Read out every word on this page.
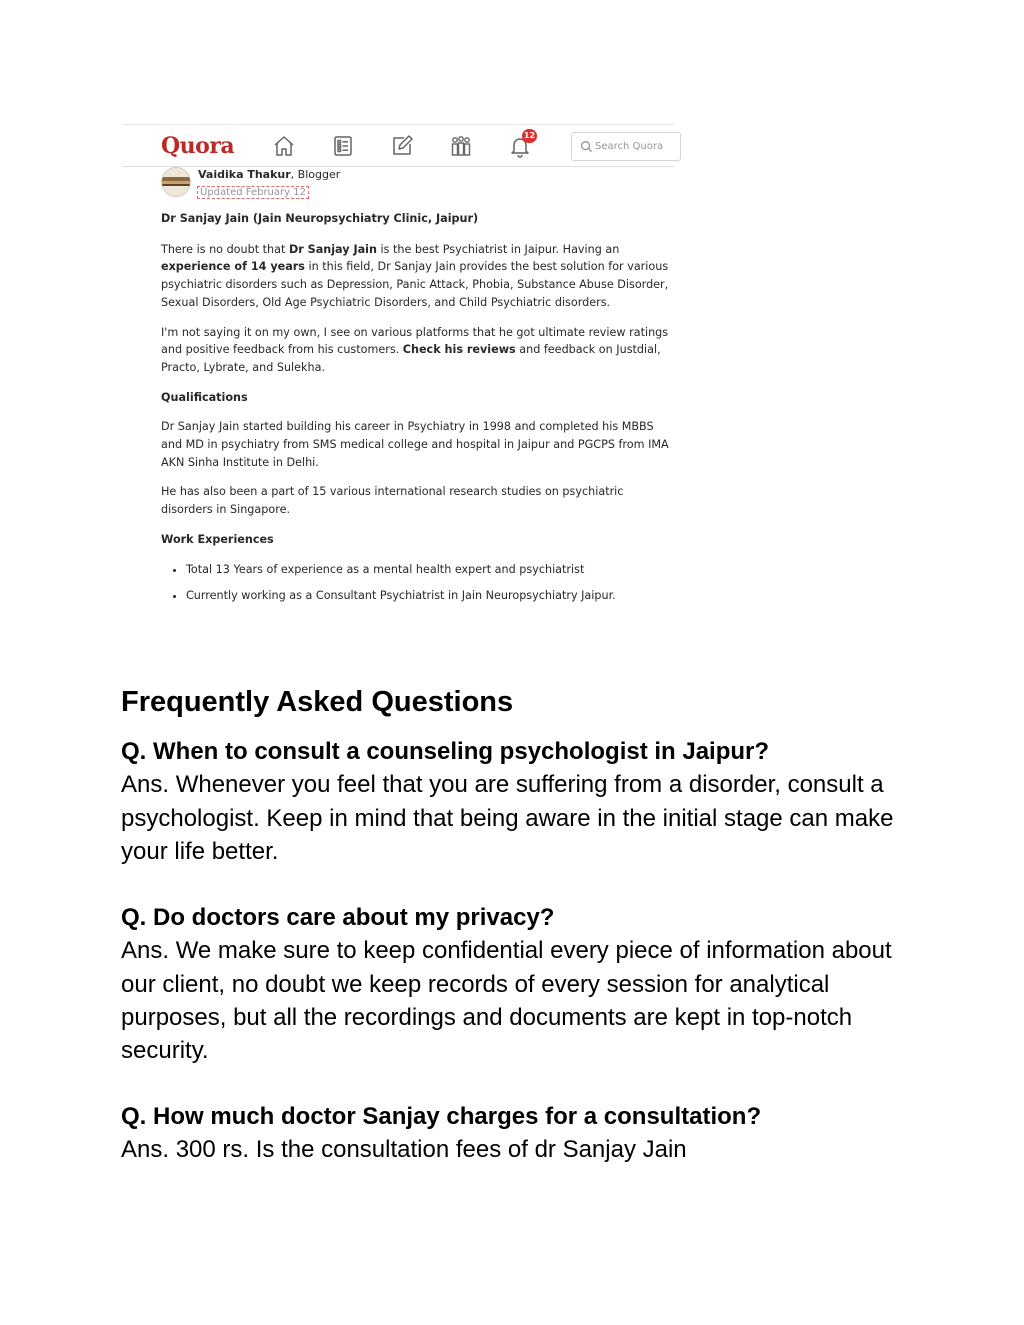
Quora	12
Search Quora
Vaidika Thakur, Blogger
Updated February 12

Dr Sanjay Jain (Jain Neuropsychiatry Clinic, Jaipur)

There is no doubt that Dr Sanjay Jain is the best Psychiatrist in Jaipur. Having an experience of 14 years in this field, Dr Sanjay Jain provides the best solution for various psychiatric disorders such as Depression, Panic Attack, Phobia, Substance Abuse Disorder, Sexual Disorders, Old Age Psychiatric Disorders, and Child Psychiatric disorders.

I'm not saying it on my own, I see on various platforms that he got ultimate review ratings and positive feedback from his customers. Check his reviews and feedback on Justdial, Practo, Lybrate, and Sulekha.

Qualifications

Dr Sanjay Jain started building his career in Psychiatry in 1998 and completed his MBBS and MD in psychiatry from SMS medical college and hospital in Jaipur and PGCPS from IMA AKN Sinha Institute in Delhi.

He has also been a part of 15 various international research studies on psychiatric disorders in Singapore.

Work Experiences

• Total 13 Years of experience as a mental health expert and psychiatrist
• Currently working as a Consultant Psychiatrist in Jain Neuropsychiatry Jaipur.
Frequently Asked Questions

Q. When to consult a counseling psychologist in Jaipur?

Ans. Whenever you feel that you are suffering from a disorder, consult a psychologist. Keep in mind that being aware in the initial stage can make your life better.

Q. Do doctors care about my privacy?

Ans. We make sure to keep confidential every piece of information about our client, no doubt we keep records of every session for analytical purposes, but all the recordings and documents are kept in top-notch security.

Q. How much doctor Sanjay charges for a consultation?

Ans. 300 rs. Is the consultation fees of dr Sanjay Jain
